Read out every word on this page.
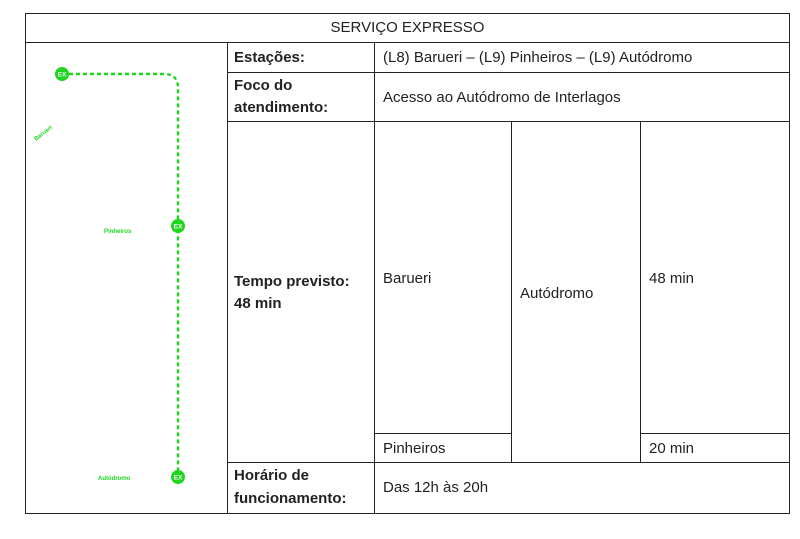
SERVIÇO EXPRESSO
EX
EX
EX
Barueri
Pinheiros
Autódromo
Estações:	(L8) Barueri – (L9) Pinheiros – (L9) Autódromo
Foco do
atendimento:
Acesso ao Autódromo de Interlagos
Tempo previsto:
48 min
Barueri
Pinheiros
Autódromo
48 min
20 min
Horário de
funcionamento:
Das 12h às 20h
